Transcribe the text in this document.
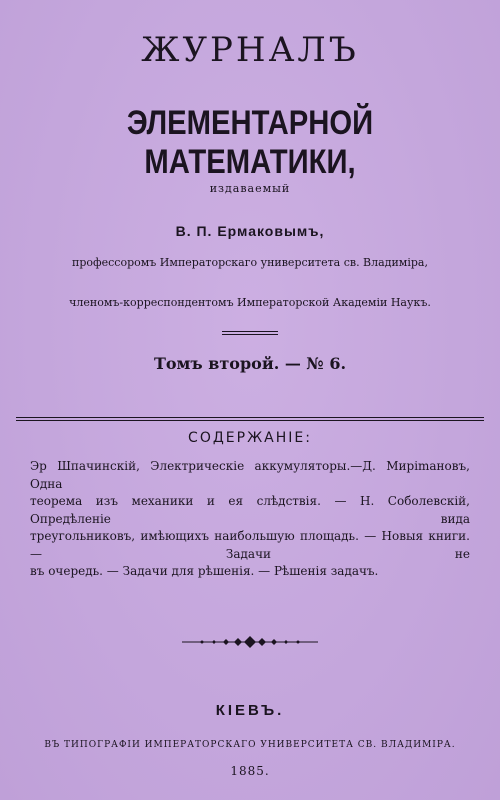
ЖУРНАЛЪ
ЭЛЕМЕНТАРНОЙ МАТЕМАТИКИ,
издаваемый
В. П. Ермаковымъ,
профессоромъ Императорскаго университета св. Владиміра,
членомъ-корреспондентомъ Императорской Академіи Наукъ.
Томъ второй. — № 6.
СОДЕРЖАНІЕ:
Эр Шпачинскій, Электрическіе аккумуляторы.—Д. Мирimановъ, Одна
теорема изъ механики и ея слѣдствія. — Н. Соболевскій, Опредѣленіе вида
треугольниковъ, имѣющихъ наибольшую площадь. — Новыя книги. — Задачи не
въ очередь. — Задачи для рѣшенія. — Рѣшенія задачъ.
КІЕВЪ.
ВЪ ТИПОГРАФІИ ИМПЕРАТОРСКАГО УНИВЕРСИТЕТА СВ. ВЛАДИМІРА.
1885.
